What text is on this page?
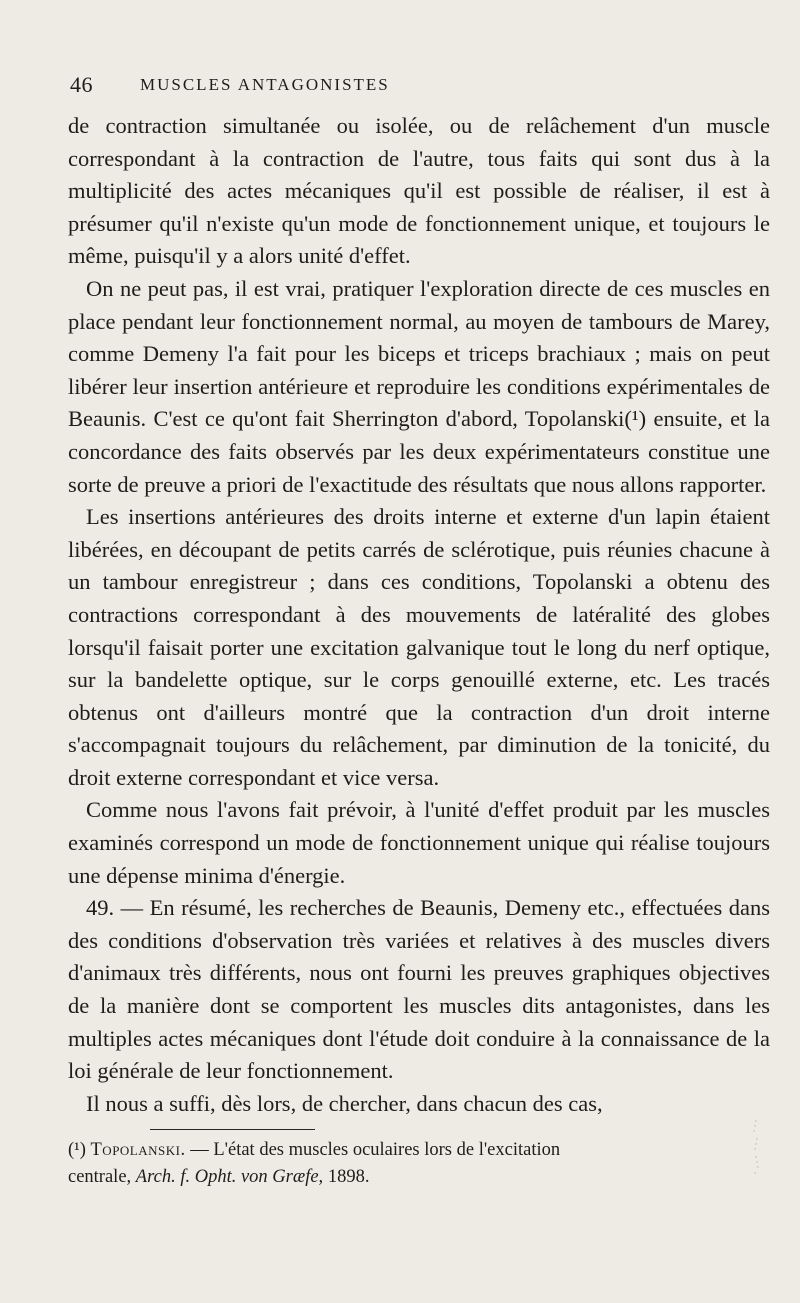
46	MUSCLES ANTAGONISTES

de contraction simultanée ou isolée, ou de relâchement d'un muscle correspondant à la contraction de l'autre, tous faits qui sont dus à la multiplicité des actes mécaniques qu'il est possible de réaliser, il est à présumer qu'il n'existe qu'un mode de fonctionnement unique, et toujours le même, puisqu'il y a alors unité d'effet.

On ne peut pas, il est vrai, pratiquer l'exploration directe de ces muscles en place pendant leur fonctionnement normal, au moyen de tambours de Marey, comme Demeny l'a fait pour les biceps et triceps brachiaux ; mais on peut libérer leur insertion antérieure et reproduire les conditions expérimentales de Beaunis. C'est ce qu'ont fait Sherrington d'abord, Topolanski(¹) ensuite, et la concordance des faits observés par les deux expérimentateurs constitue une sorte de preuve a priori de l'exactitude des résultats que nous allons rapporter.

Les insertions antérieures des droits interne et externe d'un lapin étaient libérées, en découpant de petits carrés de sclérotique, puis réunies chacune à un tambour enregistreur ; dans ces conditions, Topolanski a obtenu des contractions correspondant à des mouvements de latéralité des globes lorsqu'il faisait porter une excitation galvanique tout le long du nerf optique, sur la bandelette optique, sur le corps genouillé externe, etc. Les tracés obtenus ont d'ailleurs montré que la contraction d'un droit interne s'accompagnait toujours du relâchement, par diminution de la tonicité, du droit externe correspondant et vice versa.

Comme nous l'avons fait prévoir, à l'unité d'effet produit par les muscles examinés correspond un mode de fonctionnement unique qui réalise toujours une dépense minima d'énergie.

49. — En résumé, les recherches de Beaunis, Demeny etc., effectuées dans des conditions d'observation très variées et relatives à des muscles divers d'animaux très différents, nous ont fourni les preuves graphiques objectives de la manière dont se comportent les muscles dits antagonistes, dans les multiples actes mécaniques dont l'étude doit conduire à la connaissance de la loi générale de leur fonctionnement.

Il nous a suffi, dès lors, de chercher, dans chacun des cas,

(¹) Topolanski. — L'état des muscles oculaires lors de l'excitation
centrale, Arch. f. Opht. von Græfe, 1898.
